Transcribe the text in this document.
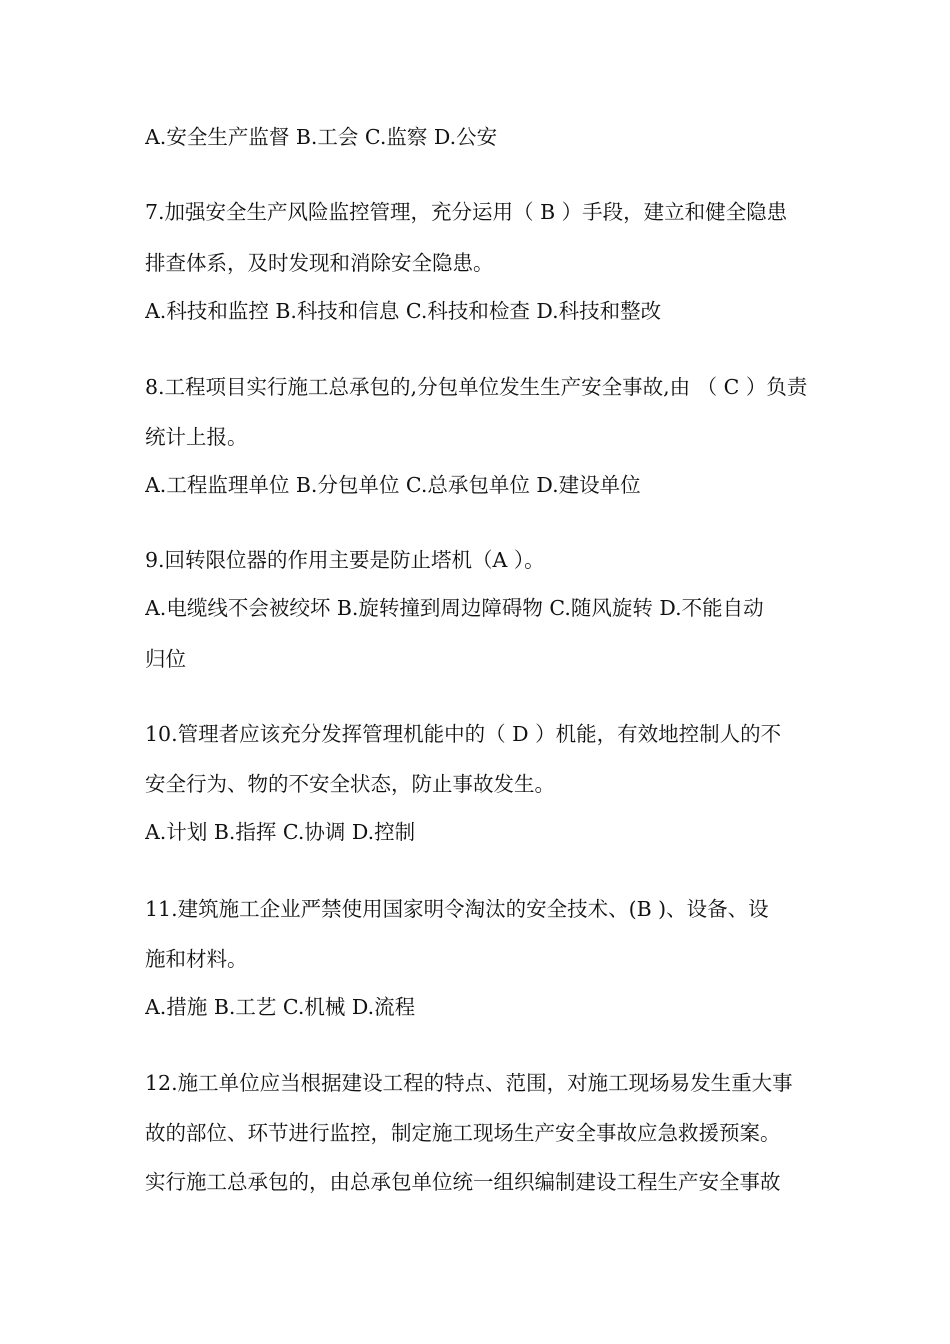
A.安全生产监督 B.工会 C.监察 D.公安
7.加强安全生产风险监控管理，充分运用（ B ）手段，建立和健全隐患
排查体系，及时发现和消除安全隐患。
A.科技和监控 B.科技和信息 C.科技和检查 D.科技和整改
8.工程项目实行施工总承包的,分包单位发生生产安全事故,由 （ C ）负责
统计上报。
A.工程监理单位 B.分包单位 C.总承包单位 D.建设单位
9.回转限位器的作用主要是防止塔机（A ）。
A.电缆线不会被绞坏 B.旋转撞到周边障碍物 C.随风旋转 D.不能自动
归位
10.管理者应该充分发挥管理机能中的（ D ）机能，有效地控制人的不
安全行为、物的不安全状态，防止事故发生。
A.计划 B.指挥 C.协调 D.控制
11.建筑施工企业严禁使用国家明令淘汰的安全技术、(B )、设备、设
施和材料。
A.措施 B.工艺 C.机械 D.流程
12.施工单位应当根据建设工程的特点、范围，对施工现场易发生重大事
故的部位、环节进行监控，制定施工现场生产安全事故应急救援预案。
实行施工总承包的，由总承包单位统一组织编制建设工程生产安全事故
